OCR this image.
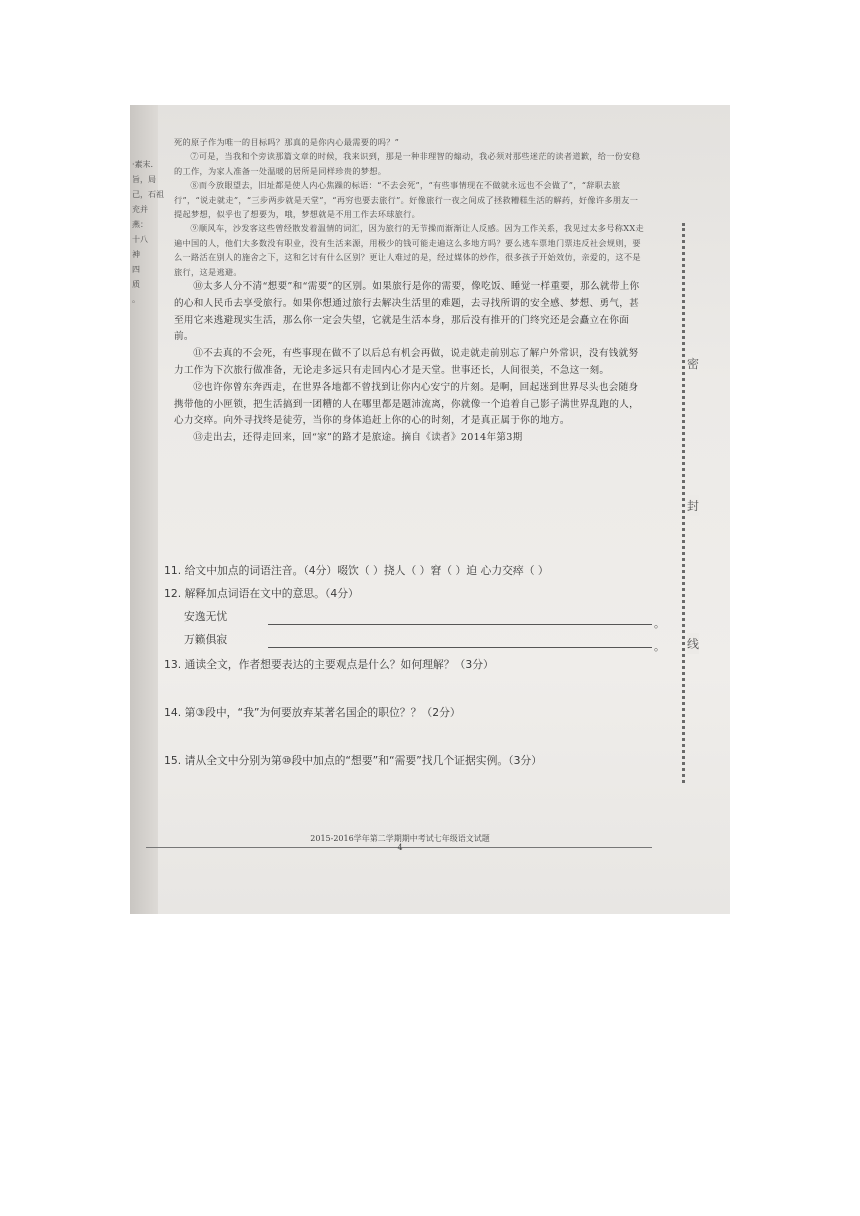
·素末.
旨，局
己，石祖
充并
燕：
十八
神
四
质
。

死的原子作为唯一的目标吗？那真的是你内心最需要的吗？”

⑦可是，当我和个旁读那篇文章的时候，我来识到，那是一种非理智的煽动，我必须对那些迷茫的读者道歉，给一份安稳的工作，为家人准备一处温暖的居所是同样珍贵的梦想。

⑧而今放眼望去，旧址都是使人内心焦躁的标语：“不去会死”，“有些事情现在不做就永远也不会做了”，“辞职去旅行”，“说走就走”，“三步两步就是天堂”，“再穷也要去旅行”。好像旅行一夜之间成了拯救糟糕生活的解药，好像许多朋友一提起梦想，似乎也了想要为，哦，梦想就是不用工作去环球旅行。

⑨顺风车，沙发客这些曾经散发着温情的词汇，因为旅行的无节操而渐渐让人反感。因为工作关系，我见过太多号称XX走遍中国的人，他们大多数没有职业，没有生活来源，用极少的钱可能走遍这么多地方吗？要么逃车票地门票违反社会规则，要么一路活在别人的施舍之下，这和乞讨有什么区别？更让人难过的是，经过媒体的炒作，很多孩子开始效仿，亲爱的，这不是旅行，这是逃避。

⑩太多人分不清“想要”和“需要”的区别。如果旅行是你的需要，像吃饭、睡觉一样重要，那么就带上你的心和人民币去享受旅行。如果你想通过旅行去解决生活里的难题，去寻找所谓的安全感、梦想、勇气，甚至用它来逃避现实生活，那么你一定会失望，它就是生活本身，那后没有推开的门终究还是会矗立在你面前。

⑪不去真的不会死，有些事现在做不了以后总有机会再做，说走就走前别忘了解户外常识，没有钱就努力工作为下次旅行做准备，无论走多远只有走回内心才是天堂。世事还长，人间很美，不急这一刻。

⑫也许你曾东奔西走，在世界各地都不曾找到让你内心安宁的片刻。是啊，回起迷到世界尽头也会随身携带他的小匣锁，把生活搞到一团糟的人在哪里都是题沛流离，你就像一个追着自己影子满世界乱跑的人，心力交瘁。向外寻找终是徒劳，当你的身体追赶上你的心的时刻，才是真正属于你的地方。

⑬走出去，还得走回来，回“家”的路才是旅途。摘自《读者》2014年第3期

11. 给文中加点的词语注音。（4分）啜饮（ ）挠人（ ）窘（ ）迫 心力交瘁（ ）
12. 解释加点词语在文中的意思。（4分）
安逸无忧
。
万籁俱寂
。
13. 通读全文，作者想要表达的主要观点是什么？如何理解？（3分）
14. 第③段中，“我”为何要放弃某著名国企的职位？？（2分）
15. 请从全文中分别为第⑩段中加点的“想要”和“需要”找几个证据实例。（3分）
密
封
线
2015-2016学年第二学期期中考试七年级语文试题
4
